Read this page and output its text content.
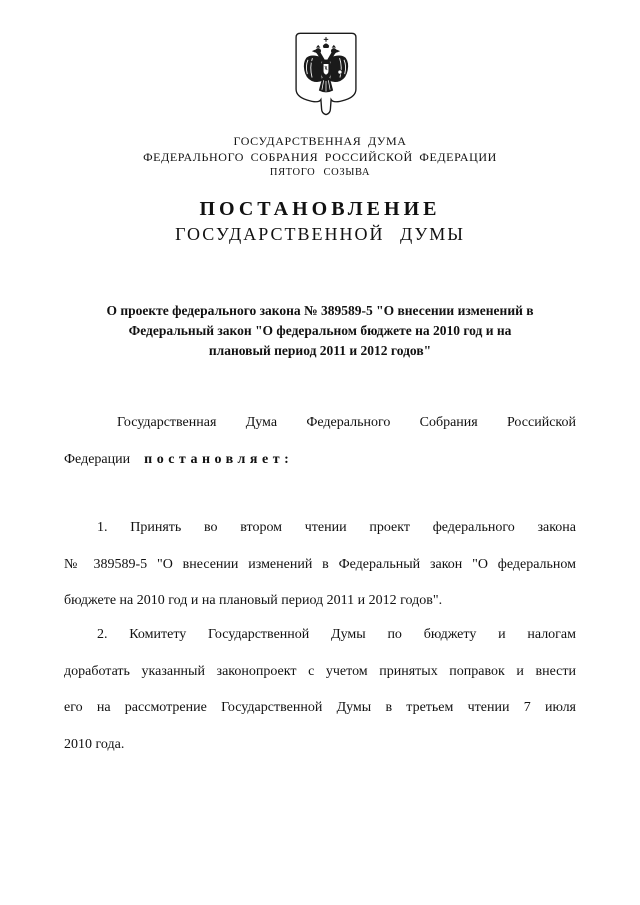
ГОСУДАРСТВЕННАЯ ДУМА
ФЕДЕРАЛЬНОГО СОБРАНИЯ РОССИЙСКОЙ ФЕДЕРАЦИИ
ПЯТОГО СОЗЫВА
ПОСТАНОВЛЕНИЕ
ГОСУДАРСТВЕННОЙ ДУМЫ
О проекте федерального закона № 389589-5 "О внесении изменений в
Федеральный закон "О федеральном бюджете на 2010 год и на
плановый период 2011 и 2012 годов"
Государственная Дума Федерального Собрания Российской
Федерации постановляет:
1. Принять во втором чтении проект федерального закона
№ 389589-5 "О внесении изменений в Федеральный закон "О федеральном
бюджете на 2010 год и на плановый период 2011 и 2012 годов".
2. Комитету Государственной Думы по бюджету и налогам
доработать указанный законопроект с учетом принятых поправок и внести
его на рассмотрение Государственной Думы в третьем чтении 7 июля
2010 года.
